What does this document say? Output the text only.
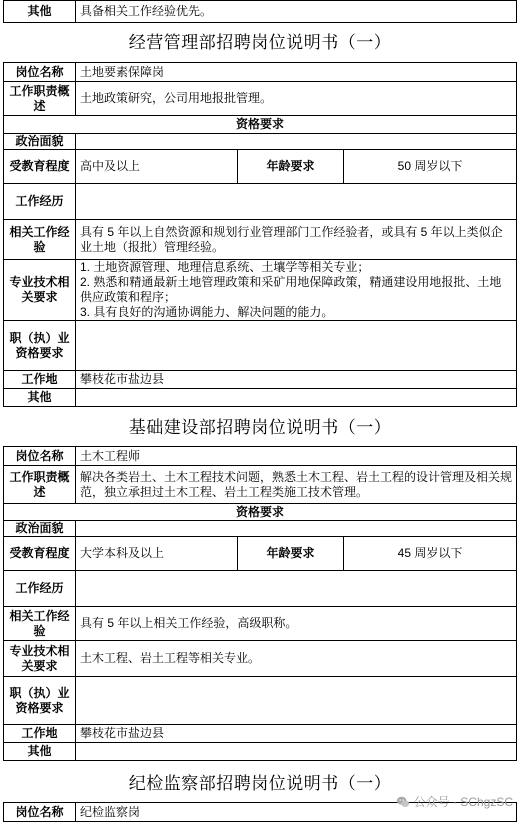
其他	具备相关工作经验优先。
经营管理部招聘岗位说明书（一）
岗位名称	土地要素保障岗		
工作职责概述	土地政策研究，公司用地报批管理。		
资格要求			
政治面貌			
受教育程度	高中及以上	年龄要求	50 周岁以下
工作经历			
相关工作经验	具有 5 年以上自然资源和规划行业管理部门工作经验者，或具有 5 年以上类似企业土地（报批）管理经验。		
专业技术相关要求	1. 土地资源管理、地理信息系统、土壤学等相关专业；
2. 熟悉和精通最新土地管理政策和采矿用地保障政策，精通建设用地报批、土地供应政策和程序；
3. 具有良好的沟通协调能力、解决问题的能力。		

职（执）业资格要求			
工作地	攀枝花市盐边县		
其他			
基础建设部招聘岗位说明书（一）
岗位名称	土木工程师		
工作职责概述	解决各类岩土、土木工程技术问题，熟悉土木工程、岩土工程的设计管理及相关规范，独立承担过土木工程、岩土工程类施工技术管理。		
资格要求			
政治面貌			
受教育程度	大学本科及以上	年龄要求	45 周岁以下
工作经历			
相关工作经验	具有 5 年以上相关工作经验，高级职称。		
专业技术相关要求	土木工程、岩土工程等相关专业。		

职（执）业资格要求			
工作地	攀枝花市盐边县		
其他			
纪检监察部招聘岗位说明书（一）
岗位名称	纪检监察岗
公众号 · SChgzSC
